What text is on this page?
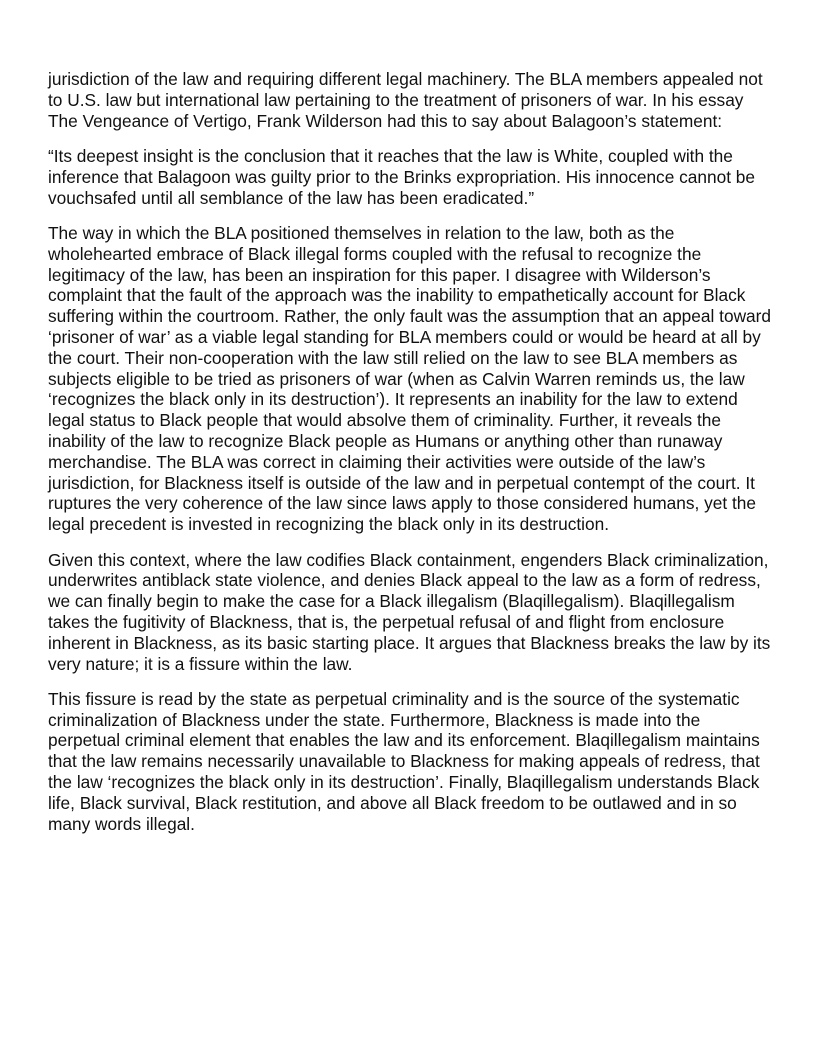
jurisdiction of the law and requiring different legal machinery. The BLA members appealed not to U.S. law but international law pertaining to the treatment of prisoners of war. In his essay The Vengeance of Vertigo, Frank Wilderson had this to say about Balagoon’s statement:

“Its deepest insight is the conclusion that it reaches that the law is White, coupled with the inference that Balagoon was guilty prior to the Brinks expropriation. His innocence cannot be vouchsafed until all semblance of the law has been eradicated.”

The way in which the BLA positioned themselves in relation to the law, both as the wholehearted embrace of Black illegal forms coupled with the refusal to recognize the legitimacy of the law, has been an inspiration for this paper. I disagree with Wilderson’s complaint that the fault of the approach was the inability to empathetically account for Black suffering within the courtroom. Rather, the only fault was the assumption that an appeal toward ‘prisoner of war’ as a viable legal standing for BLA members could or would be heard at all by the court. Their non-cooperation with the law still relied on the law to see BLA members as subjects eligible to be tried as prisoners of war (when as Calvin Warren reminds us, the law ‘recognizes the black only in its destruction’). It represents an inability for the law to extend legal status to Black people that would absolve them of criminality. Further, it reveals the inability of the law to recognize Black people as Humans or anything other than runaway merchandise. The BLA was correct in claiming their activities were outside of the law’s jurisdiction, for Blackness itself is outside of the law and in perpetual contempt of the court. It ruptures the very coherence of the law since laws apply to those considered humans, yet the legal precedent is invested in recognizing the black only in its destruction.

Given this context, where the law codifies Black containment, engenders Black criminalization, underwrites antiblack state violence, and denies Black appeal to the law as a form of redress, we can finally begin to make the case for a Black illegalism (Blaqillegalism). Blaqillegalism takes the fugitivity of Blackness, that is, the perpetual refusal of and flight from enclosure inherent in Blackness, as its basic starting place. It argues that Blackness breaks the law by its very nature; it is a fissure within the law.

This fissure is read by the state as perpetual criminality and is the source of the systematic criminalization of Blackness under the state. Furthermore, Blackness is made into the perpetual criminal element that enables the law and its enforcement. Blaqillegalism maintains that the law remains necessarily unavailable to Blackness for making appeals of redress, that the law ‘recognizes the black only in its destruction’. Finally, Blaqillegalism understands Black life, Black survival, Black restitution, and above all Black freedom to be outlawed and in so many words illegal.
